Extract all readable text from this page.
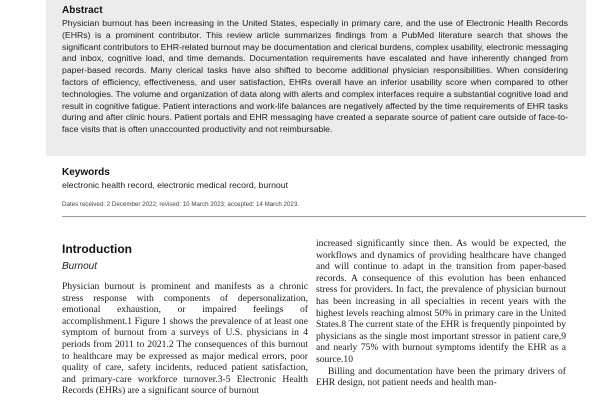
Abstract
Physician burnout has been increasing in the United States, especially in primary care, and the use of Electronic Health Records (EHRs) is a prominent contributor. This review article summarizes findings from a PubMed literature search that shows the significant contributors to EHR-related burnout may be documentation and clerical burdens, complex usability, electronic messaging and inbox, cognitive load, and time demands. Documentation requirements have escalated and have inherently changed from paper-based records. Many clerical tasks have also shifted to become additional physician responsibilities. When considering factors of efficiency, effectiveness, and user satisfaction, EHRs overall have an inferior usability score when compared to other technologies. The volume and organization of data along with alerts and complex interfaces require a substantial cognitive load and result in cognitive fatigue. Patient interactions and work-life balances are negatively affected by the time requirements of EHR tasks during and after clinic hours. Patient portals and EHR messaging have created a separate source of patient care outside of face-to-face visits that is often unaccounted productivity and not reimbursable.
Keywords
electronic health record, electronic medical record, burnout
Dates received: 2 December 2022; revised: 10 March 2023; accepted: 14 March 2023.
Introduction
Burnout
Physician burnout is prominent and manifests as a chronic stress response with components of depersonalization, emotional exhaustion, or impaired feelings of accomplishment.1 Figure 1 shows the prevalence of at least one symptom of burnout from a surveys of U.S. physicians in 4 periods from 2011 to 2021.2 The consequences of this burnout to healthcare may be expressed as major medical errors, poor quality of care, safety incidents, reduced patient satisfaction, and primary-care workforce turnover.3-5 Electronic Health Records (EHRs) are a significant source of burnout
increased significantly since then. As would be expected, the workflows and dynamics of providing healthcare have changed and will continue to adapt in the transition from paper-based records. A consequence of this evolution has been enhanced stress for providers. In fact, the prevalence of physician burnout has been increasing in all specialties in recent years with the highest levels reaching almost 50% in primary care in the United States.8 The current state of the EHR is frequently pinpointed by physicians as the single most important stressor in patient care,9 and nearly 75% with burnout symptoms identify the EHR as a source.10
Billing and documentation have been the primary drivers of EHR design, not patient needs and health man-
